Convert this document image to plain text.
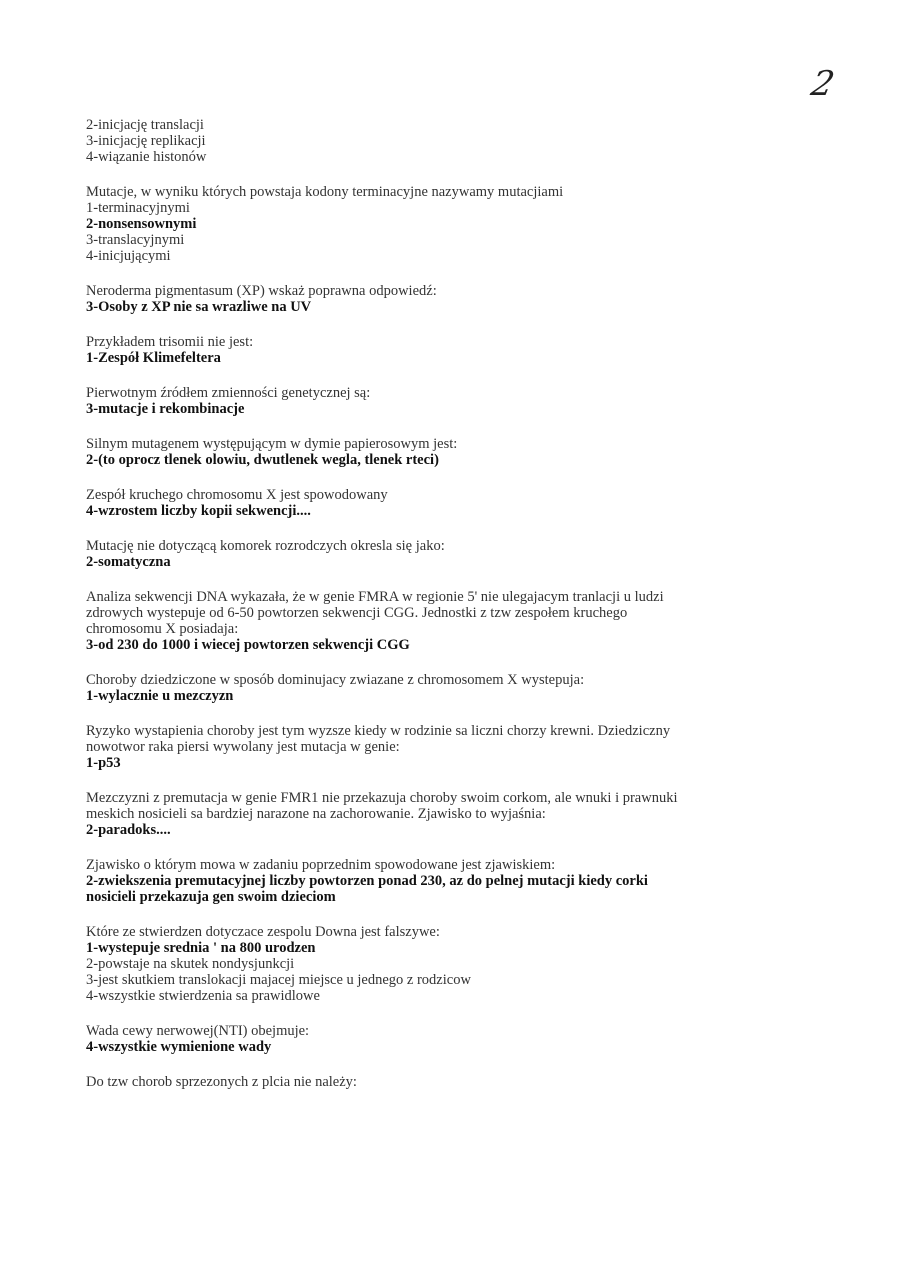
2

2-inicjację translacji

3-inicjację replikacji

4-wiązanie histonów

Mutacje, w wyniku których powstaja kodony terminacyjne nazywamy mutacjiami

1-terminacyjnymi

2-nonsensownymi

3-translacyjnymi

4-inicjującymi

Neroderma pigmentasum (XP) wskaż poprawna odpowiedź:

3-Osoby z XP nie sa wrazliwe na UV

Przykładem trisomii nie jest:

1-Zespół Klimefeltera

Pierwotnym źródłem zmienności genetycznej są:

3-mutacje i rekombinacje

Silnym mutagenem występującym w dymie papierosowym jest:

2-(to oprocz tlenek olowiu, dwutlenek wegla, tlenek rteci)

Zespół kruchego chromosomu X jest spowodowany

4-wzrostem liczby kopii sekwencji....

Mutację nie dotyczącą komorek rozrodczych okresla się jako:

2-somatyczna

Analiza sekwencji DNA wykazała, że w genie FMRA w regionie 5' nie ulegajacym tranlacji u ludzi

zdrowych wystepuje od 6-50 powtorzen sekwencji CGG. Jednostki z tzw zespołem kruchego

chromosomu X posiadaja:

3-od 230 do 1000 i wiecej powtorzen sekwencji CGG

Choroby dziedziczone w sposób dominujacy zwiazane z chromosomem X wystepuja:

1-wylacznie u mezczyzn

Ryzyko wystapienia choroby jest tym wyzsze kiedy w rodzinie sa liczni chorzy krewni. Dziedziczny

nowotwor raka piersi wywolany jest mutacja w genie:

1-p53

Mezczyzni z premutacja w genie FMR1 nie przekazuja choroby swoim corkom, ale wnuki i prawnuki

meskich nosicieli sa bardziej narazone na zachorowanie. Zjawisko to wyjaśnia:

2-paradoks....

Zjawisko o którym mowa w zadaniu poprzednim spowodowane jest zjawiskiem:

2-zwiekszenia premutacyjnej liczby powtorzen ponad 230, az do pelnej mutacji kiedy corki

nosicieli przekazuja gen swoim dzieciom

Które ze stwierdzen dotyczace zespolu Downa jest falszywe:

1-wystepuje srednia ' na 800 urodzen

2-powstaje na skutek nondysjunkcji

3-jest skutkiem translokacji majacej miejsce u jednego z rodzicow

4-wszystkie stwierdzenia sa prawidlowe

Wada cewy nerwowej(NTI) obejmuje:

4-wszystkie wymienione wady

Do tzw chorob sprzezonych z plcia nie należy:
